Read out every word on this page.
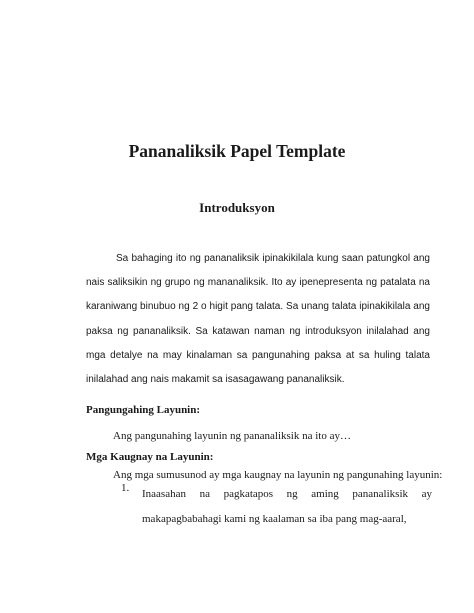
Pananaliksik Papel Template
Introduksyon

Sa bahaging ito ng pananaliksik ipinakikilala kung saan patungkol ang nais saliksikin ng grupo ng mananaliksik. Ito ay ipenepresenta ng patalata na karaniwang binubuo ng 2 o higit pang talata. Sa unang talata ipinakikilala ang paksa ng pananaliksik. Sa katawan naman ng introduksyon inilalahad ang mga detalye na may kinalaman sa pangunahing paksa at sa huling talata inilalahad ang nais makamit sa isasagawang pananaliksik.

Pangungahing Layunin:
Ang pangunahing layunin ng pananaliksik na ito ay…
Mga Kaugnay na Layunin:
Ang mga sumusunod ay mga kaugnay na layunin ng pangunahing layunin:
1. Inaasahan na pagkatapos ng aming pananaliksik ay makapagbabahagi kami ng kaalaman sa iba pang mag-aaral,
